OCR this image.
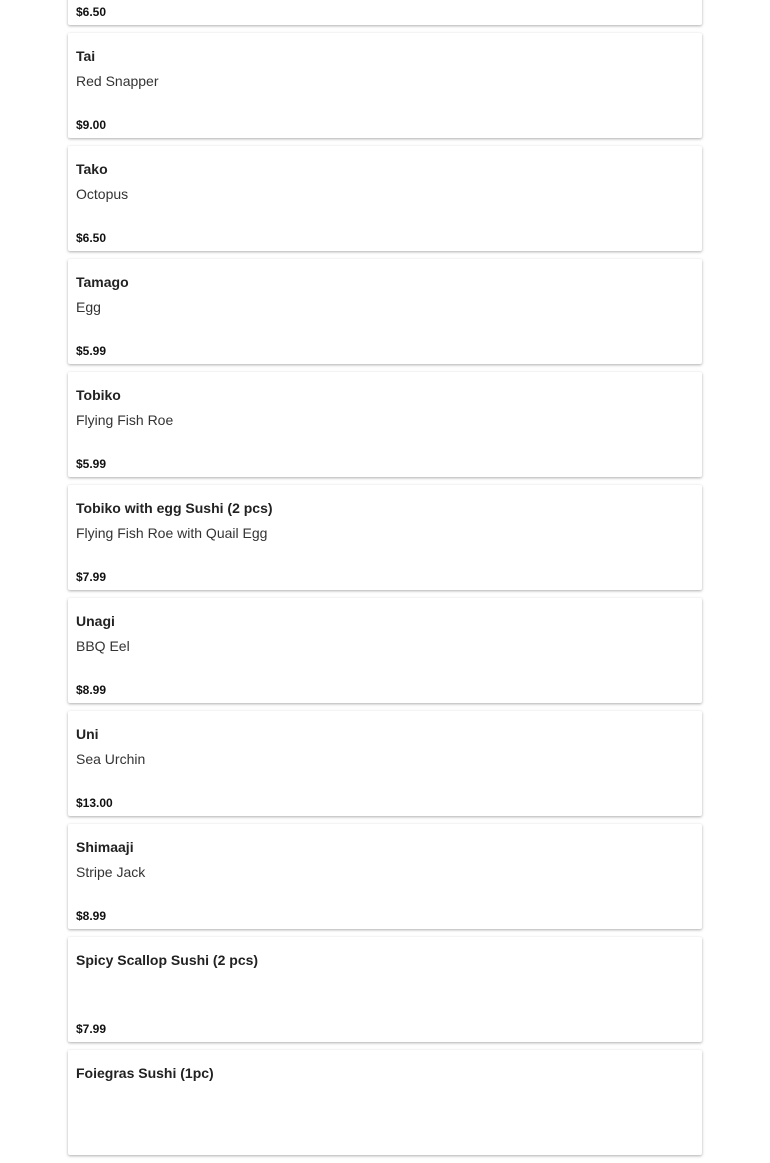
$6.50
Tai
Red Snapper
$9.00
Tako
Octopus
$6.50
Tamago
Egg
$5.99
Tobiko
Flying Fish Roe
$5.99
Tobiko with egg Sushi (2 pcs)
Flying Fish Roe with Quail Egg
$7.99
Unagi
BBQ Eel
$8.99
Uni
Sea Urchin
$13.00
Shimaaji
Stripe Jack
$8.99
Spicy Scallop Sushi (2 pcs)
$7.99
Foiegras Sushi (1pc)
